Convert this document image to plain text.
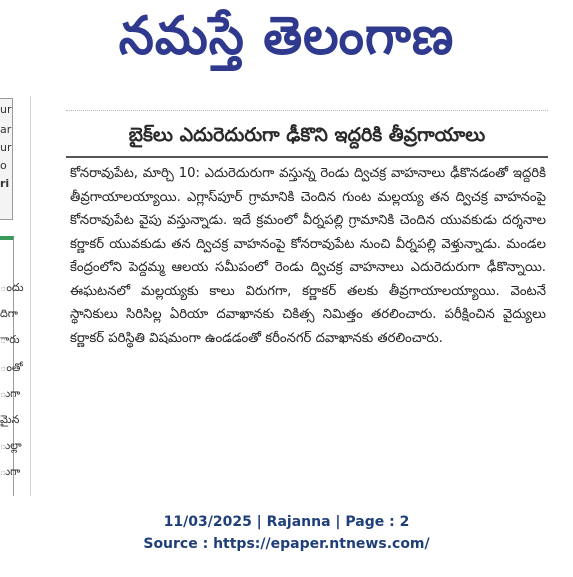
నమస్తే తెలంగాణ
ur
ar
ur
o
ri
ందు
దిగా
ారు
ంతో
ుగా
మైన
ుల్లా
ుగా
బైక్‌లు ఎదురెదురుగా ఢీకొని ఇద్దరికి తీవ్రగాయాలు
కోనరావుపేట, మార్చి 10: ఎదురెదురుగా వస్తున్న రెండు ద్విచక్ర వాహనాలు ఢీకొనడంతో ఇద్దరికి తీవ్రగాయాలయ్యాయి. ఎగ్లాస్‌పూర్ గ్రామానికి చెందిన గుంట మల్లయ్య తన ద్విచక్ర వాహనంపై కోనరావుపేట వైపు వస్తున్నాడు. ఇదే క్రమంలో వీర్నపల్లి గ్రామానికి చెందిన యువకుడు దర్శనాల కర్ణాకర్ యువకుడు తన ద్విచక్ర వాహనంపై కోనరావుపేట నుంచి వీర్నపల్లి వెళ్తున్నాడు. మండల కేంద్రంలోని పెద్దమ్మ ఆలయ సమీపంలో రెండు ద్విచక్ర వాహనాలు ఎదురెదురుగా ఢీకొన్నాయి. ఈఘటనలో మల్లయ్యకు కాలు విరుగగా, కర్ణాకర్ తలకు తీవ్రగాయాలయ్యాయి. వెంటనే స్థానికులు సిరిసిల్ల ఏరియా దవాఖానకు చికిత్స నిమిత్తం తరలించారు. పరీక్షించిన వైద్యులు కర్ణాకర్ పరిస్థితి విషమంగా ఉండడంతో కరీంనగర్ దవాఖానకు తరలించారు.
11/03/2025 | Rajanna | Page : 2
Source : https://epaper.ntnews.com/
